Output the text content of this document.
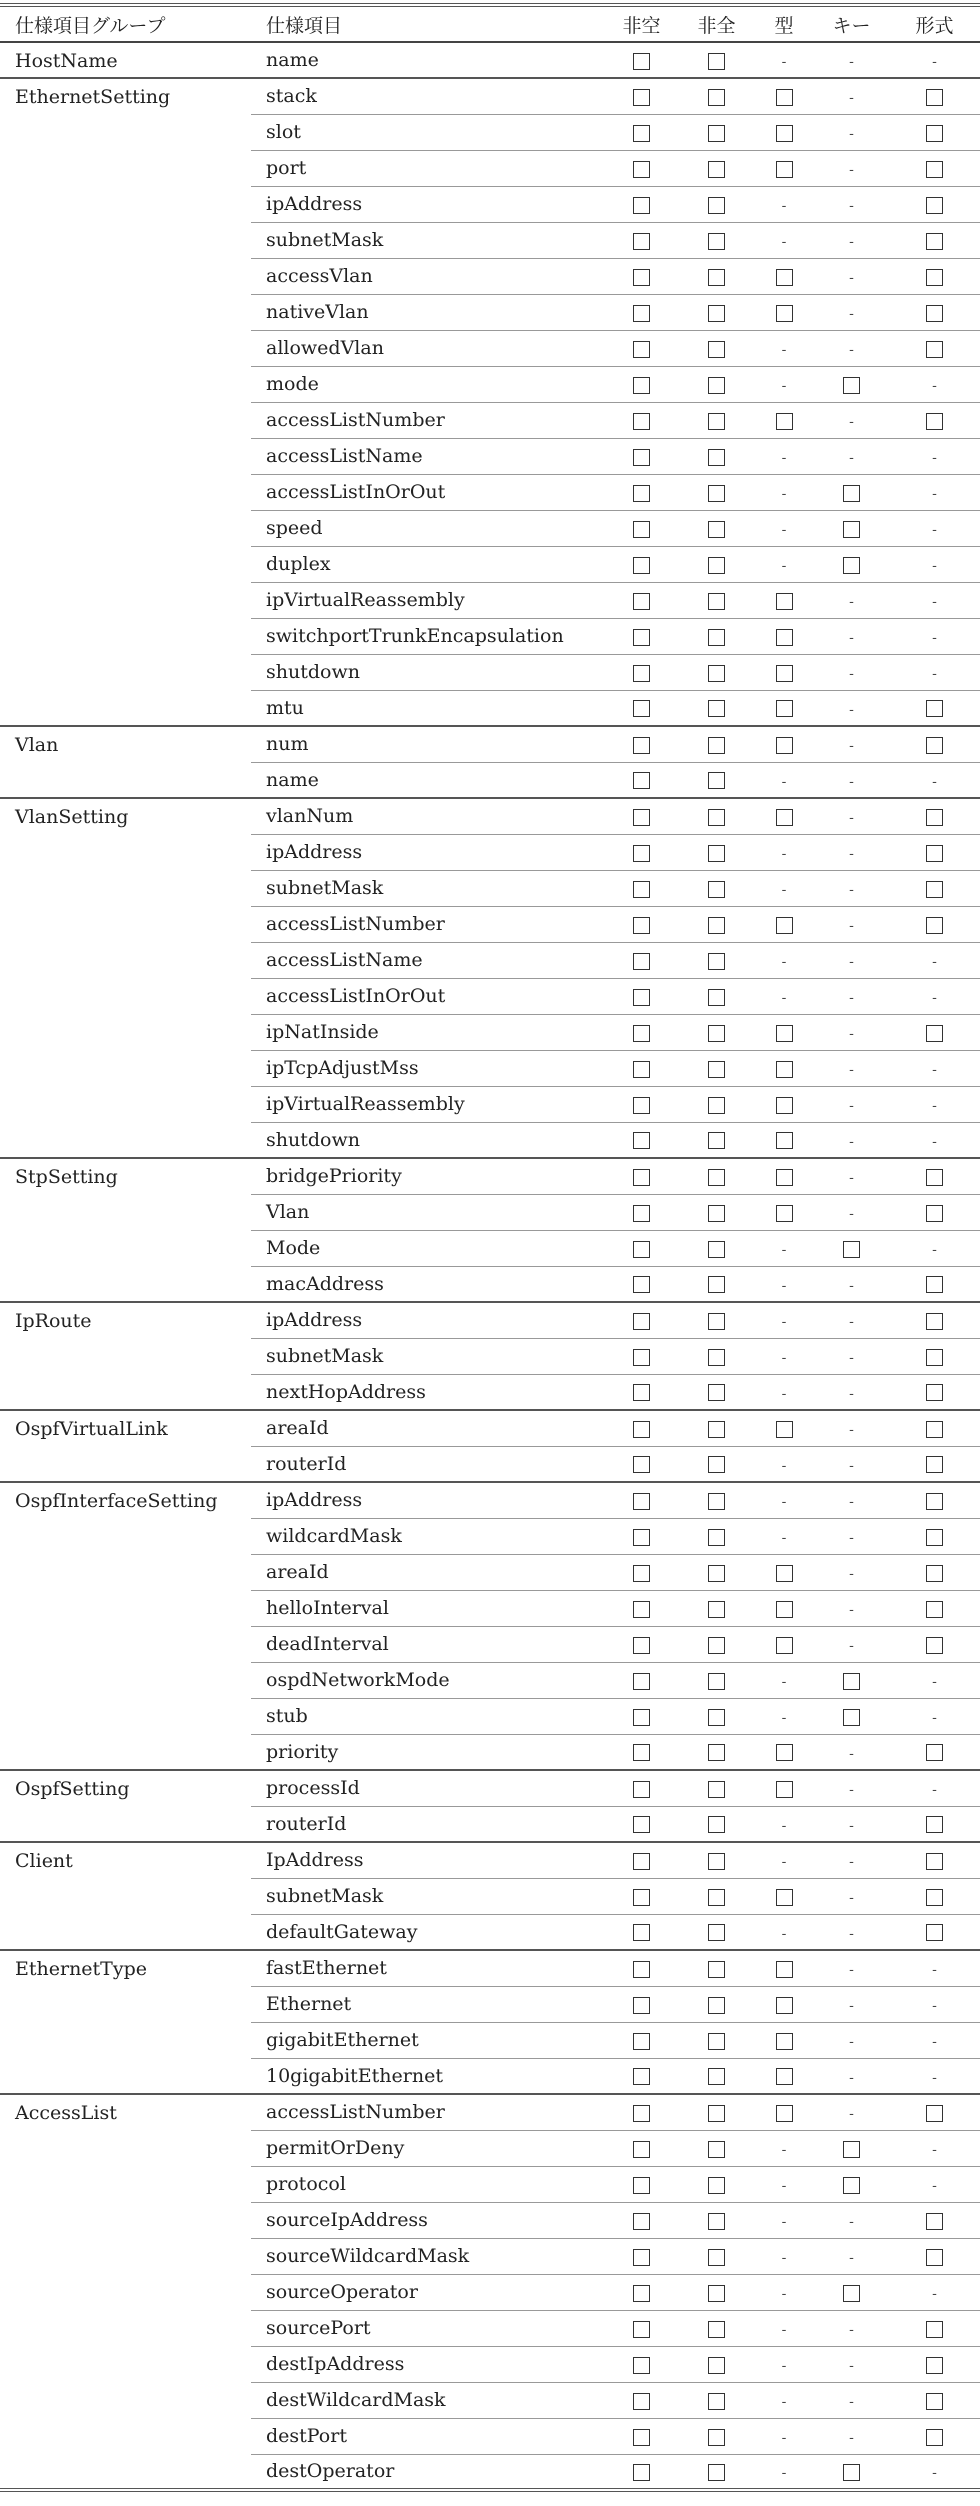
仕様項目グループ	仕様項目	非空	非全	型	キー	形式
HostName	name			-	-	-
EthernetSetting	stack				-	
	slot				-	
	port				-	
	ipAddress			-	-	
	subnetMask			-	-	
	accessVlan				-	
	nativeVlan				-	
	allowedVlan			-	-	
	mode			-		-
	accessListNumber				-	
	accessListName			-	-	-
	accessListInOrOut			-		-
	speed			-		-
	duplex			-		-
	ipVirtualReassembly				-	-
	switchportTrunkEncapsulation				-	-
	shutdown				-	-
	mtu				-	
Vlan	num				-	
	name			-	-	-
VlanSetting	vlanNum				-	
	ipAddress			-	-	
	subnetMask			-	-	
	accessListNumber				-	
	accessListName			-	-	-
	accessListInOrOut			-	-	-
	ipNatInside				-	
	ipTcpAdjustMss				-	-
	ipVirtualReassembly				-	-
	shutdown				-	-
StpSetting	bridgePriority				-	
	Vlan				-	
	Mode			-		-
	macAddress			-	-	
IpRoute	ipAddress			-	-	
	subnetMask			-	-	
	nextHopAddress			-	-	
OspfVirtualLink	areaId				-	
	routerId			-	-	
OspfInterfaceSetting	ipAddress			-	-	
	wildcardMask			-	-	
	areaId				-	
	helloInterval				-	
	deadInterval				-	
	ospdNetworkMode			-		-
	stub			-		-
	priority				-	
OspfSetting	processId				-	-
	routerId			-	-	
Client	IpAddress			-	-	
	subnetMask				-	
	defaultGateway			-	-	
EthernetType	fastEthernet				-	-
	Ethernet				-	-
	gigabitEthernet				-	-
	10gigabitEthernet				-	-
AccessList	accessListNumber				-	
	permitOrDeny			-		-
	protocol			-		-
	sourceIpAddress			-	-	
	sourceWildcardMask			-	-	
	sourceOperator			-		-
	sourcePort			-	-	
	destIpAddress			-	-	
	destWildcardMask			-	-	
	destPort			-	-	
	destOperator			-		-
